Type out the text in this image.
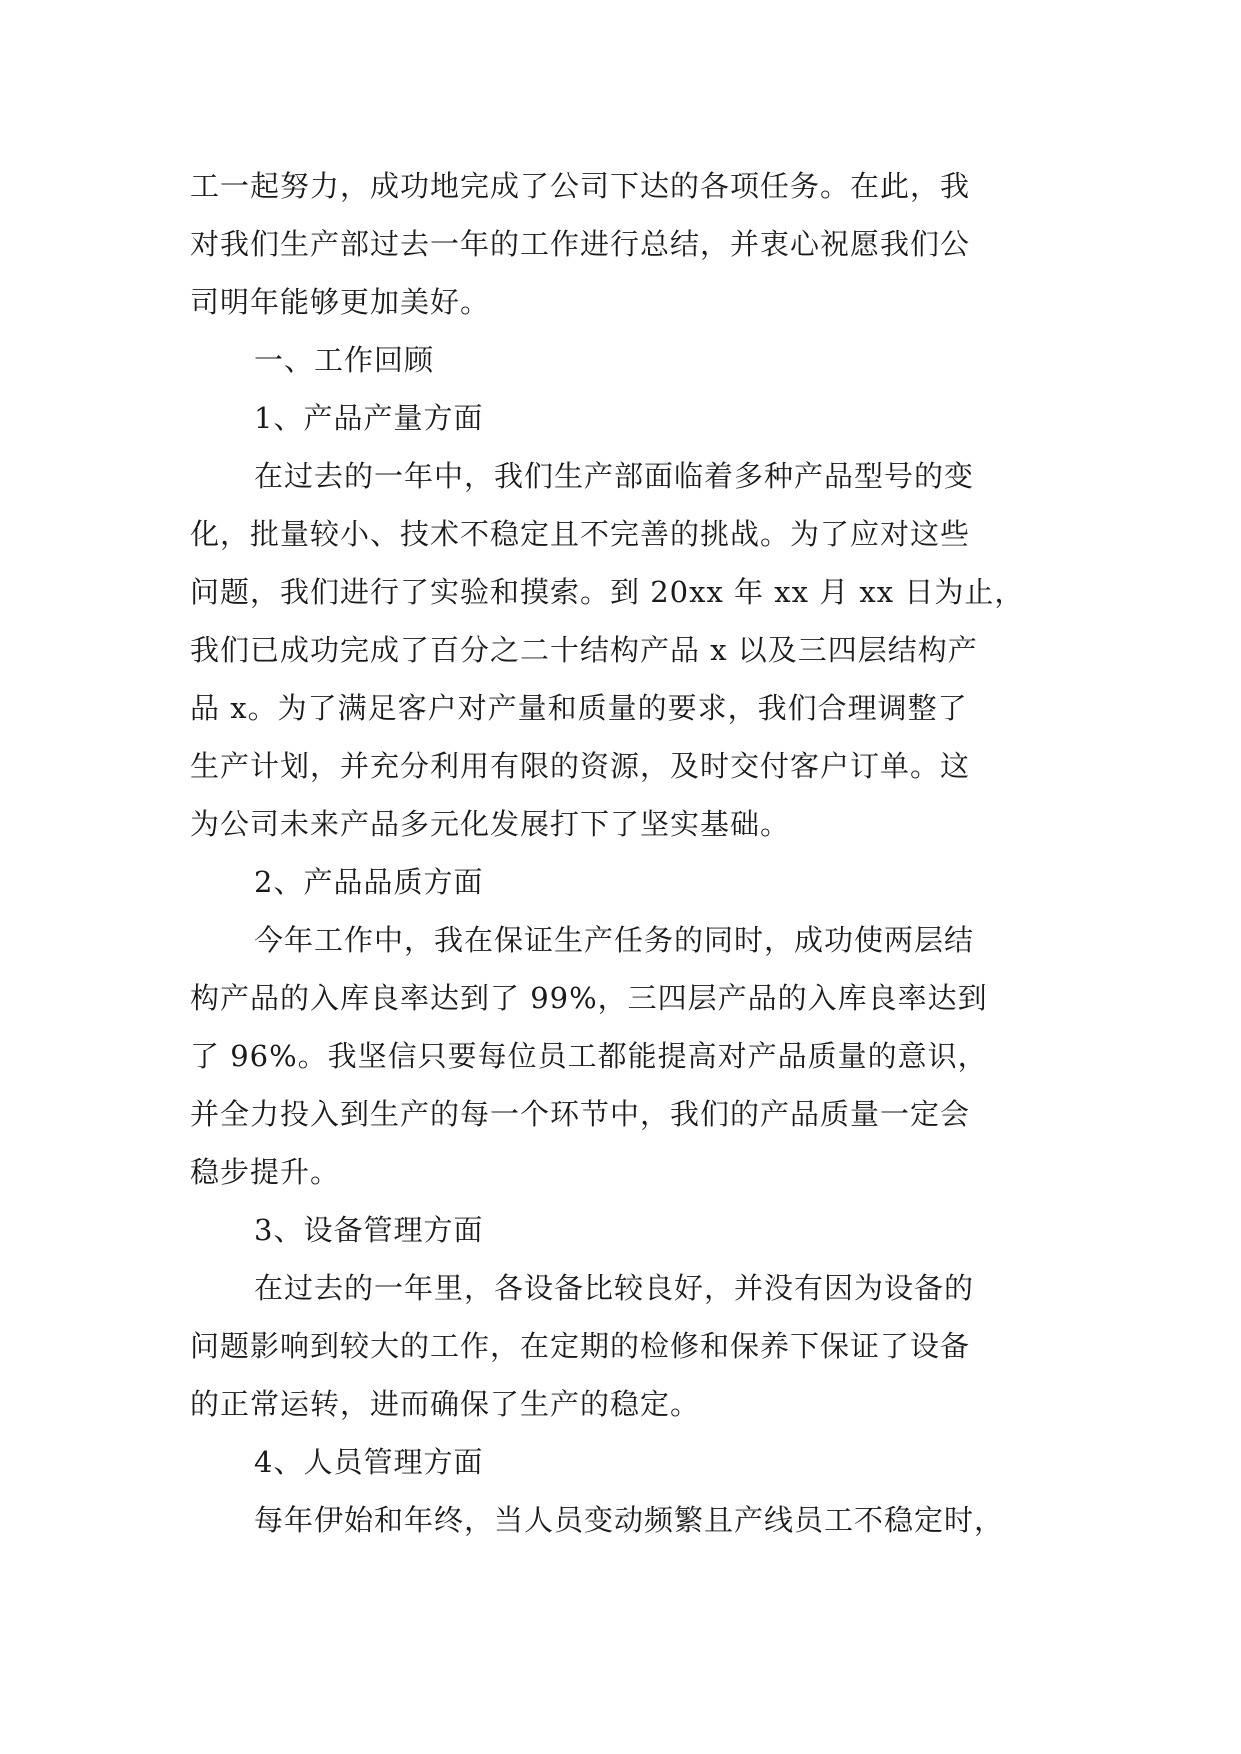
工一起努力，成功地完成了公司下达的各项任务。在此，我
对我们生产部过去一年的工作进行总结，并衷心祝愿我们公
司明年能够更加美好。
一、工作回顾
1、产品产量方面
在过去的一年中，我们生产部面临着多种产品型号的变
化，批量较小、技术不稳定且不完善的挑战。为了应对这些
问题，我们进行了实验和摸索。到 20xx 年 xx 月 xx 日为止，
我们已成功完成了百分之二十结构产品 x 以及三四层结构产
品 x。为了满足客户对产量和质量的要求，我们合理调整了
生产计划，并充分利用有限的资源，及时交付客户订单。这
为公司未来产品多元化发展打下了坚实基础。
2、产品品质方面
今年工作中，我在保证生产任务的同时，成功使两层结
构产品的入库良率达到了 99%，三四层产品的入库良率达到
了 96%。我坚信只要每位员工都能提高对产品质量的意识，
并全力投入到生产的每一个环节中，我们的产品质量一定会
稳步提升。
3、设备管理方面
在过去的一年里，各设备比较良好，并没有因为设备的
问题影响到较大的工作，在定期的检修和保养下保证了设备
的正常运转，进而确保了生产的稳定。
4、人员管理方面
每年伊始和年终，当人员变动频繁且产线员工不稳定时，
